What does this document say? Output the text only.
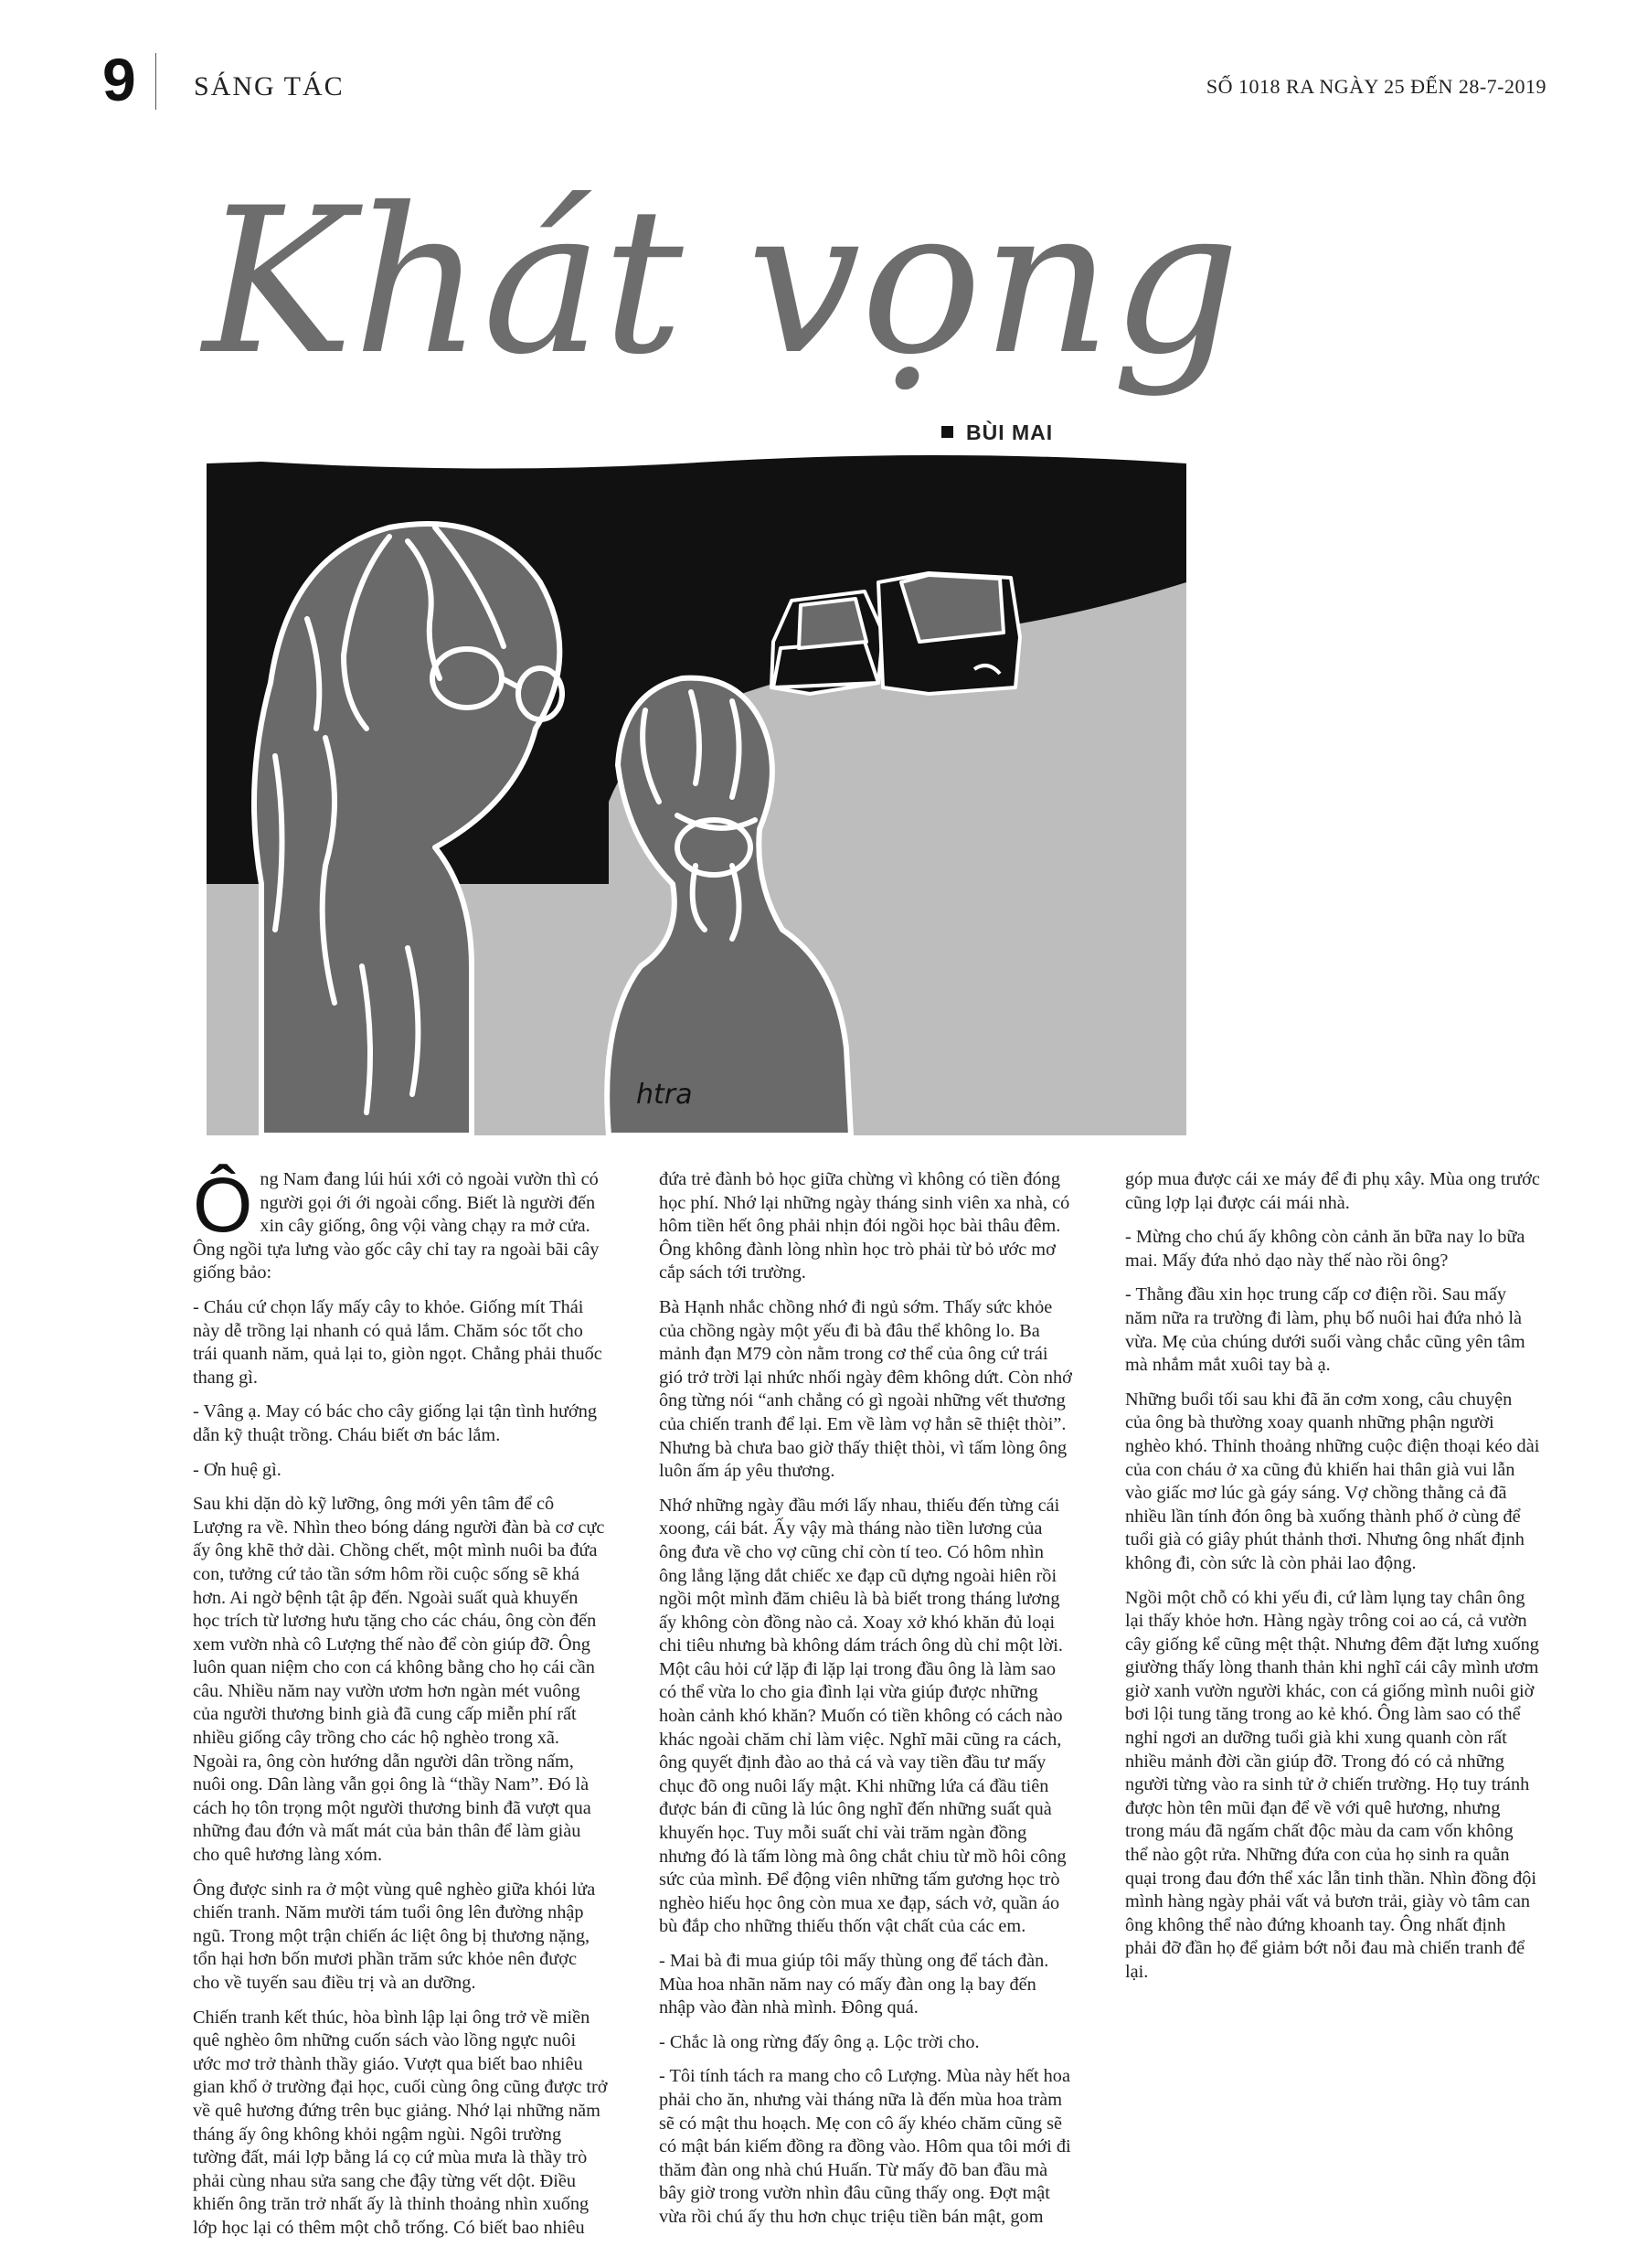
9 SÁNG TÁC	SỐ 1018 RA NGÀY 25 ĐẾN 28-7-2019
Khát vọng
BÙI MAI
htra

Ông Nam đang lúi húi xới cỏ ngoài vườn thì có người gọi ới ới ngoài cổng. Biết là người đến xin cây giống, ông vội vàng chạy ra mở cửa. Ông ngồi tựa lưng vào gốc cây chỉ tay ra ngoài bãi cây giống bảo:

- Cháu cứ chọn lấy mấy cây to khỏe. Giống mít Thái này dễ trồng lại nhanh có quả lắm. Chăm sóc tốt cho trái quanh năm, quả lại to, giòn ngọt. Chẳng phải thuốc thang gì.

- Vâng ạ. May có bác cho cây giống lại tận tình hướng dẫn kỹ thuật trồng. Cháu biết ơn bác lắm.

- Ơn huệ gì.

Sau khi dặn dò kỹ lưỡng, ông mới yên tâm để cô Lượng ra về. Nhìn theo bóng dáng người đàn bà cơ cực ấy ông khẽ thở dài. Chồng chết, một mình nuôi ba đứa con, tưởng cứ tảo tần sớm hôm rồi cuộc sống sẽ khá hơn. Ai ngờ bệnh tật ập đến. Ngoài suất quà khuyến học trích từ lương hưu tặng cho các cháu, ông còn đến xem vườn nhà cô Lượng thế nào để còn giúp đỡ. Ông luôn quan niệm cho con cá không bằng cho họ cái cần câu. Nhiều năm nay vườn ươm hơn ngàn mét vuông của người thương binh già đã cung cấp miễn phí rất nhiều giống cây trồng cho các hộ nghèo trong xã. Ngoài ra, ông còn hướng dẫn người dân trồng nấm, nuôi ong. Dân làng vẫn gọi ông là “thầy Nam”. Đó là cách họ tôn trọng một người thương binh đã vượt qua những đau đớn và mất mát của bản thân để làm giàu cho quê hương làng xóm.

Ông được sinh ra ở một vùng quê nghèo giữa khói lửa chiến tranh. Năm mười tám tuổi ông lên đường nhập ngũ. Trong một trận chiến ác liệt ông bị thương nặng, tổn hại hơn bốn mươi phần trăm sức khỏe nên được cho về tuyến sau điều trị và an dưỡng.

Chiến tranh kết thúc, hòa bình lập lại ông trở về miền quê nghèo ôm những cuốn sách vào lồng ngực nuôi ước mơ trở thành thầy giáo. Vượt qua biết bao nhiêu gian khổ ở trường đại học, cuối cùng ông cũng được trở về quê hương đứng trên bục giảng. Nhớ lại những năm tháng ấy ông không khỏi ngậm ngùi. Ngôi trường tường đất, mái lợp bằng lá cọ cứ mùa mưa là thầy trò phải cùng nhau sửa sang che đậy từng vết dột. Điều khiến ông trăn trở nhất ấy là thỉnh thoảng nhìn xuống lớp học lại có thêm một chỗ trống. Có biết bao nhiêu đứa trẻ đành bỏ học giữa chừng vì không có tiền đóng học phí. Nhớ lại những ngày tháng sinh viên xa nhà, có hôm tiền hết ông phải nhịn đói ngồi học bài thâu đêm. Ông không đành lòng nhìn học trò phải từ bỏ ước mơ cắp sách tới trường.

Bà Hạnh nhắc chồng nhớ đi ngủ sớm. Thấy sức khỏe của chồng ngày một yếu đi bà đâu thể không lo. Ba mảnh đạn M79 còn nằm trong cơ thể của ông cứ trái gió trở trời lại nhức nhối ngày đêm không dứt. Còn nhớ ông từng nói “anh chẳng có gì ngoài những vết thương của chiến tranh để lại. Em về làm vợ hẳn sẽ thiệt thòi”. Nhưng bà chưa bao giờ thấy thiệt thòi, vì tấm lòng ông luôn ấm áp yêu thương.

Nhớ những ngày đầu mới lấy nhau, thiếu đến từng cái xoong, cái bát. Ấy vậy mà tháng nào tiền lương của ông đưa về cho vợ cũng chỉ còn tí teo. Có hôm nhìn ông lẳng lặng dắt chiếc xe đạp cũ dựng ngoài hiên rồi ngồi một mình đăm chiêu là bà biết trong tháng lương ấy không còn đồng nào cả. Xoay xở khó khăn đủ loại chi tiêu nhưng bà không dám trách ông dù chỉ một lời. Một câu hỏi cứ lặp đi lặp lại trong đầu ông là làm sao có thể vừa lo cho gia đình lại vừa giúp được những hoàn cảnh khó khăn? Muốn có tiền không có cách nào khác ngoài chăm chỉ làm việc. Nghĩ mãi cũng ra cách, ông quyết định đào ao thả cá và vay tiền đầu tư mấy chục đõ ong nuôi lấy mật. Khi những lứa cá đầu tiên được bán đi cũng là lúc ông nghĩ đến những suất quà khuyến học. Tuy mỗi suất chỉ vài trăm ngàn đồng nhưng đó là tấm lòng mà ông chắt chiu từ mồ hôi công sức của mình. Để động viên những tấm gương học trò nghèo hiếu học ông còn mua xe đạp, sách vở, quần áo bù đắp cho những thiếu thốn vật chất của các em.

- Mai bà đi mua giúp tôi mấy thùng ong để tách đàn. Mùa hoa nhãn năm nay có mấy đàn ong lạ bay đến nhập vào đàn nhà mình. Đông quá.

- Chắc là ong rừng đấy ông ạ. Lộc trời cho.

- Tôi tính tách ra mang cho cô Lượng. Mùa này hết hoa phải cho ăn, nhưng vài tháng nữa là đến mùa hoa tràm sẽ có mật thu hoạch. Mẹ con cô ấy khéo chăm cũng sẽ có mật bán kiếm đồng ra đồng vào. Hôm qua tôi mới đi thăm đàn ong nhà chú Huấn. Từ mấy đõ ban đầu mà bây giờ trong vườn nhìn đâu cũng thấy ong. Đợt mật vừa rồi chú ấy thu hơn chục triệu tiền bán mật, gom góp mua được cái xe máy để đi phụ xây. Mùa ong trước cũng lợp lại được cái mái nhà.

- Mừng cho chú ấy không còn cảnh ăn bữa nay lo bữa mai. Mấy đứa nhỏ dạo này thế nào rồi ông?

- Thằng đầu xin học trung cấp cơ điện rồi. Sau mấy năm nữa ra trường đi làm, phụ bố nuôi hai đứa nhỏ là vừa. Mẹ của chúng dưới suối vàng chắc cũng yên tâm mà nhắm mắt xuôi tay bà ạ.

Những buổi tối sau khi đã ăn cơm xong, câu chuyện của ông bà thường xoay quanh những phận người nghèo khó. Thỉnh thoảng những cuộc điện thoại kéo dài của con cháu ở xa cũng đủ khiến hai thân già vui lẫn vào giấc mơ lúc gà gáy sáng. Vợ chồng thằng cả đã nhiều lần tính đón ông bà xuống thành phố ở cùng để tuổi già có giây phút thảnh thơi. Nhưng ông nhất định không đi, còn sức là còn phải lao động.

Ngồi một chỗ có khi yếu đi, cứ làm lụng tay chân ông lại thấy khỏe hơn. Hàng ngày trông coi ao cá, cả vườn cây giống kể cũng mệt thật. Nhưng đêm đặt lưng xuống giường thấy lòng thanh thản khi nghĩ cái cây mình ươm giờ xanh vườn người khác, con cá giống mình nuôi giờ bơi lội tung tăng trong ao kẻ khó. Ông làm sao có thể nghỉ ngơi an dưỡng tuổi già khi xung quanh còn rất nhiều mảnh đời cần giúp đỡ. Trong đó có cả những người từng vào ra sinh tử ở chiến trường. Họ tuy tránh được hòn tên mũi đạn để về với quê hương, nhưng trong máu đã ngấm chất độc màu da cam vốn không thể nào gột rửa. Những đứa con của họ sinh ra quằn quại trong đau đớn thể xác lẫn tinh thần. Nhìn đồng đội mình hàng ngày phải vất vả bươn trải, giày vò tâm can ông không thể nào đứng khoanh tay. Ông nhất định phải đỡ đần họ để giảm bớt nỗi đau mà chiến tranh để lại.
